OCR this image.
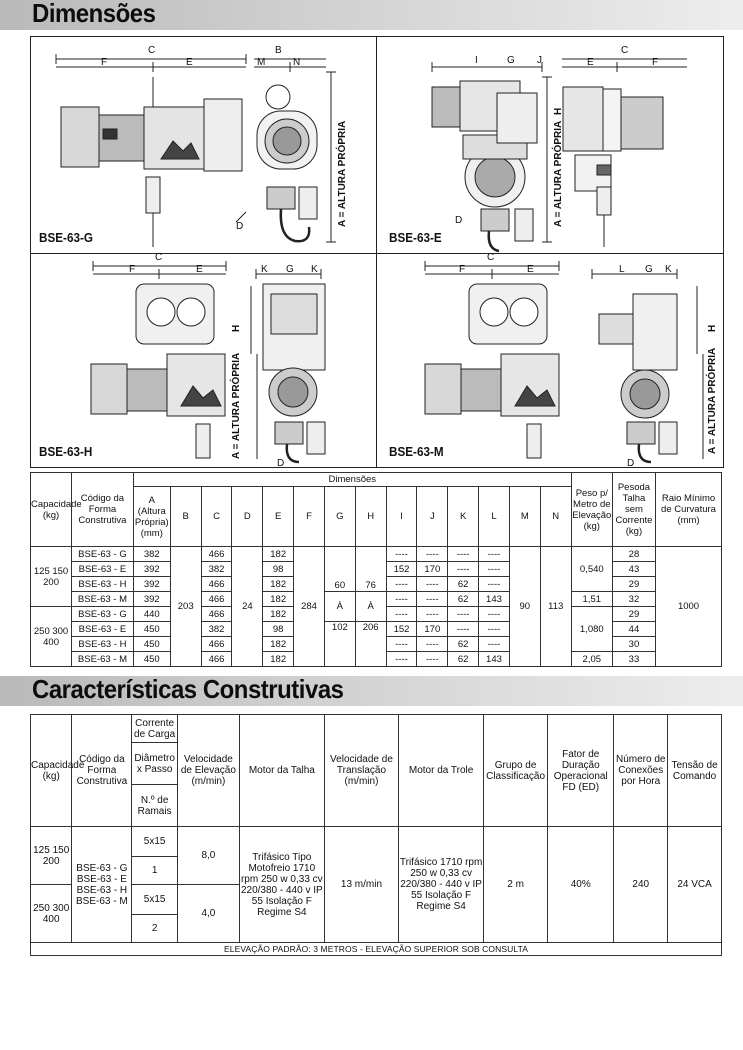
Dimensões
C
F	E
B
M	N
A = ALTURA PRÓPRIA
D
BSE-63-G
I	G J
C
E	F
H
A = ALTURA PRÓPRIA
D
BSE-63-E
C
F	E	K G K
H
A = ALTURA PRÓPRIA
D
BSE-63-H
C
F	E	L G K
H
A = ALTURA PRÓPRIA
D
BSE-63-M
Capacidade (kg)	Código da Forma Construtiva	Dimensões														Peso p/ Metro de Elevação (kg)	Pesoda Talha sem Corrente (kg)	Raio Mínimo de Curvatura (mm)
		A (Altura Própria) (mm)	B	C	D	E	F	G	H	I	J	K	L	M	N			
125 150 200	BSE-63 - G	382	203	466	24	182	284	60	76	----	----	----	----	90	113	0,540	28	1000
	BSE-63 - E	392		382		98				152	170	----	----				43	
	BSE-63 - H	392		466		182				----	----	62	----				29	
	BSE-63 - M	392		466		182		À	À	----	----	62	143			1,51	32	
250 300 400	BSE-63 - G	440		466		182				----	----	----	----			1,080	29	
	BSE-63 - E	450		382		98		102	206	152	170	----	----				44	
	BSE-63 - H	450		466		182				----	----	62	----				30	
	BSE-63 - M	450		466		182				----	----	62	143			2,05	33	
Características Construtivas
Capacidade (kg)	Código da Forma Construtiva	Corrente de Carga	Velocidade de Elevação (m/min)	Motor da Talha	Velocidade de Translação (m/min)	Motor da Trole	Grupo de Classificação	Fator de Duração Operacional FD (ED)	Número de Conexões por Hora	Tensão de Comando
		Diâmetro x Passo								
		N.º de Ramais								
125 150 200	BSE-63 - G BSE-63 - E BSE-63 - H BSE-63 - M	5x15	8,0	Trifásico Tipo Motofreio 1710 rpm 250 w 0,33 cv 220/380 - 440 v IP 55 Isolação F Regime S4	13 m/min	Trifásico 1710 rpm 250 w 0,33 cv 220/380 - 440 v IP 55 Isolação F Regime S4	2 m	40%	240	24 VCA
		1								
250 300 400		5x15	4,0							
		2								
ELEVAÇÃO PADRÃO: 3 METROS - ELEVAÇÃO SUPERIOR SOB CONSULTA										
